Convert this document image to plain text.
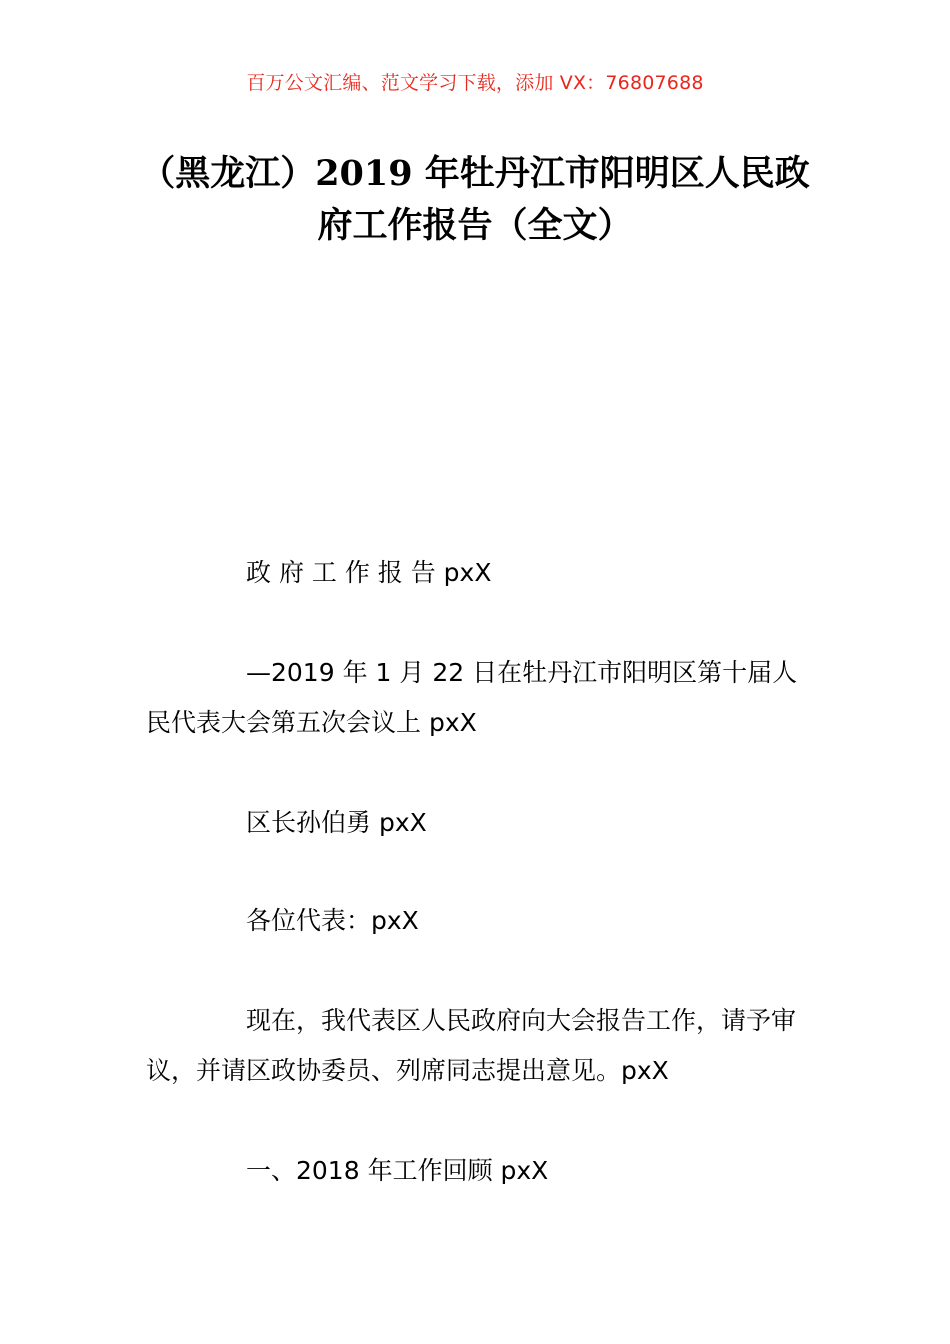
百万公文汇编、范文学习下载，添加 VX：76807688
（黑龙江）2019 年牡丹江市阳明区人民政
府工作报告（全文）
政 府 工 作 报 告 pxX
—2019 年 1 月 22 日在牡丹江市阳明区第十届人民代表大会第五次会议上 pxX
区长孙伯勇 pxX
各位代表：pxX
现在，我代表区人民政府向大会报告工作，请予审议，并请区政协委员、列席同志提出意见。pxX
一、2018 年工作回顾 pxX
